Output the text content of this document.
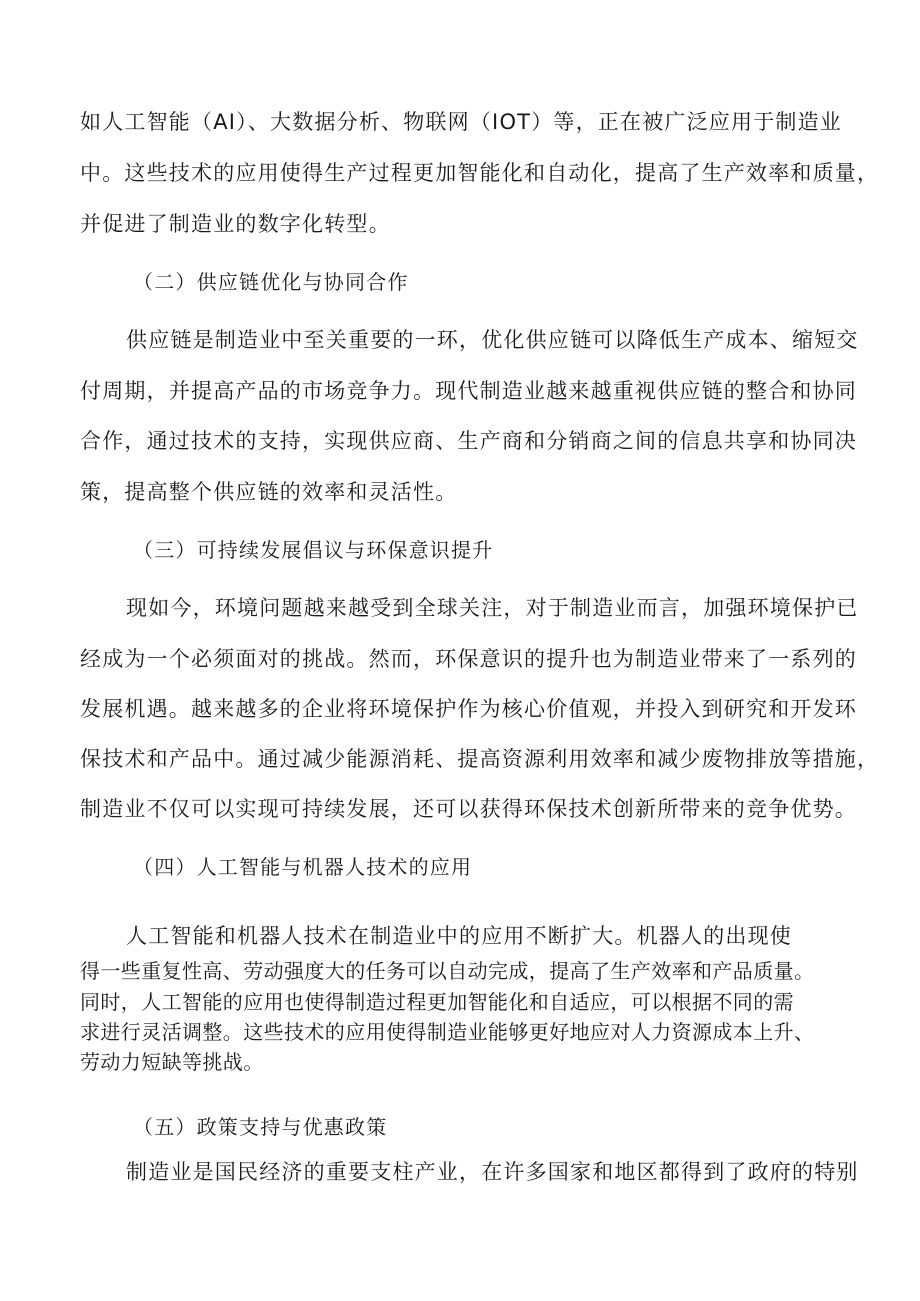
如人工智能（AI）、大数据分析、物联网（IOT）等，正在被广泛应用于制造业
中。这些技术的应用使得生产过程更加智能化和自动化，提高了生产效率和质量，
并促进了制造业的数字化转型。
（二）供应链优化与协同合作
供应链是制造业中至关重要的一环，优化供应链可以降低生产成本、缩短交
付周期，并提高产品的市场竞争力。现代制造业越来越重视供应链的整合和协同
合作，通过技术的支持，实现供应商、生产商和分销商之间的信息共享和协同决
策，提高整个供应链的效率和灵活性。
（三）可持续发展倡议与环保意识提升
现如今，环境问题越来越受到全球关注，对于制造业而言，加强环境保护已
经成为一个必须面对的挑战。然而，环保意识的提升也为制造业带来了一系列的
发展机遇。越来越多的企业将环境保护作为核心价值观，并投入到研究和开发环
保技术和产品中。通过减少能源消耗、提高资源利用效率和减少废物排放等措施，
制造业不仅可以实现可持续发展，还可以获得环保技术创新所带来的竞争优势。
（四）人工智能与机器人技术的应用
人工智能和机器人技术在制造业中的应用不断扩大。机器人的出现使
得一些重复性高、劳动强度大的任务可以自动完成，提高了生产效率和产品质量。
同时，人工智能的应用也使得制造过程更加智能化和自适应，可以根据不同的需
求进行灵活调整。这些技术的应用使得制造业能够更好地应对人力资源成本上升、
劳动力短缺等挑战。
（五）政策支持与优惠政策
制造业是国民经济的重要支柱产业，在许多国家和地区都得到了政府的特别
